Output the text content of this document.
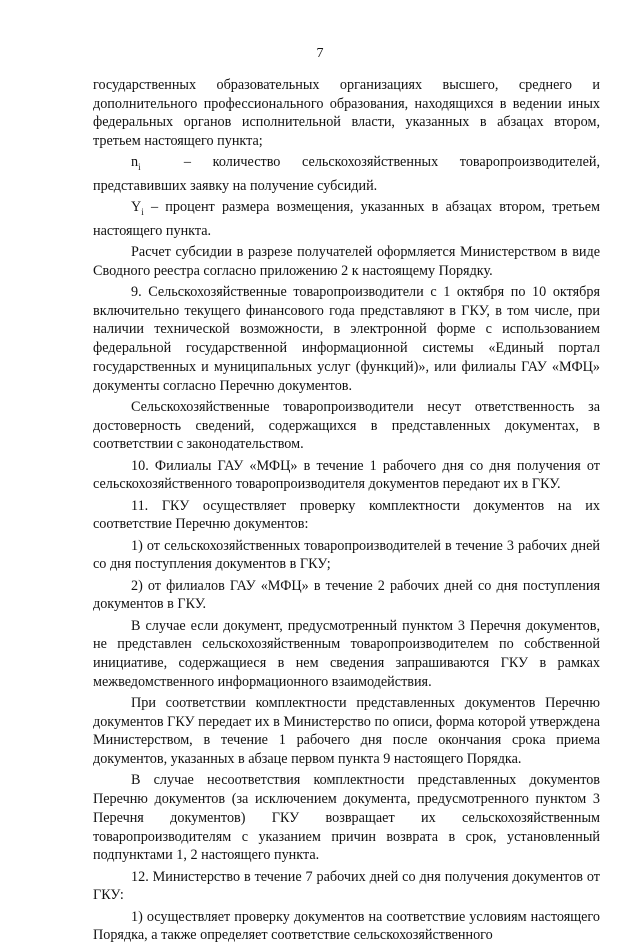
7

государственных образовательных организациях высшего, среднего и дополнительного профессионального образования, находящихся в ведении иных федеральных органов исполнительной власти, указанных в абзацах втором, третьем настоящего пункта;

$n_i$	– количество сельскохозяйственных товаропроизводителей, представивших заявку на получение субсидий.

$Y_i$ – процент размера возмещения, указанных в абзацах втором, третьем настоящего пункта.

Расчет субсидии в разрезе получателей оформляется Министерством в виде Сводного реестра согласно приложению 2 к настоящему Порядку.

9. Сельскохозяйственные товаропроизводители с 1 октября по 10 октября включительно текущего финансового года представляют в ГКУ, в том числе, при наличии технической возможности, в электронной форме с использованием федеральной государственной информационной системы «Единый портал государственных и муниципальных услуг (функций)», или филиалы ГАУ «МФЦ» документы согласно Перечню документов.

Сельскохозяйственные товаропроизводители несут ответственность за достоверность сведений, содержащихся в представленных документах, в соответствии с законодательством.

10. Филиалы ГАУ «МФЦ» в течение 1 рабочего дня со дня получения от сельскохозяйственного товаропроизводителя документов передают их в ГКУ.

11. ГКУ осуществляет проверку комплектности документов на их соответствие Перечню документов:

1) от сельскохозяйственных товаропроизводителей в течение 3 рабочих дней со дня поступления документов в ГКУ;

2) от филиалов ГАУ «МФЦ» в течение 2 рабочих дней со дня поступления документов в ГКУ.

В случае если документ, предусмотренный пунктом 3 Перечня документов, не представлен сельскохозяйственным товаропроизводителем по собственной инициативе, содержащиеся в нем сведения запрашиваются ГКУ в рамках межведомственного информационного взаимодействия.

При соответствии комплектности представленных документов Перечню документов ГКУ передает их в Министерство по описи, форма которой утверждена Министерством, в течение 1 рабочего дня после окончания срока приема документов, указанных в абзаце первом пункта 9 настоящего Порядка.

В случае несоответствия комплектности представленных документов Перечню документов (за исключением документа, предусмотренного пунктом 3 Перечня документов) ГКУ возвращает их сельскохозяйственным товаропроизводителям с указанием причин возврата в срок, установленный подпунктами 1, 2 настоящего пункта.

12. Министерство в течение 7 рабочих дней со дня получения документов от ГКУ:

1) осуществляет проверку документов на соответствие условиям настоящего Порядка, а также определяет соответствие сельскохозяйственного
